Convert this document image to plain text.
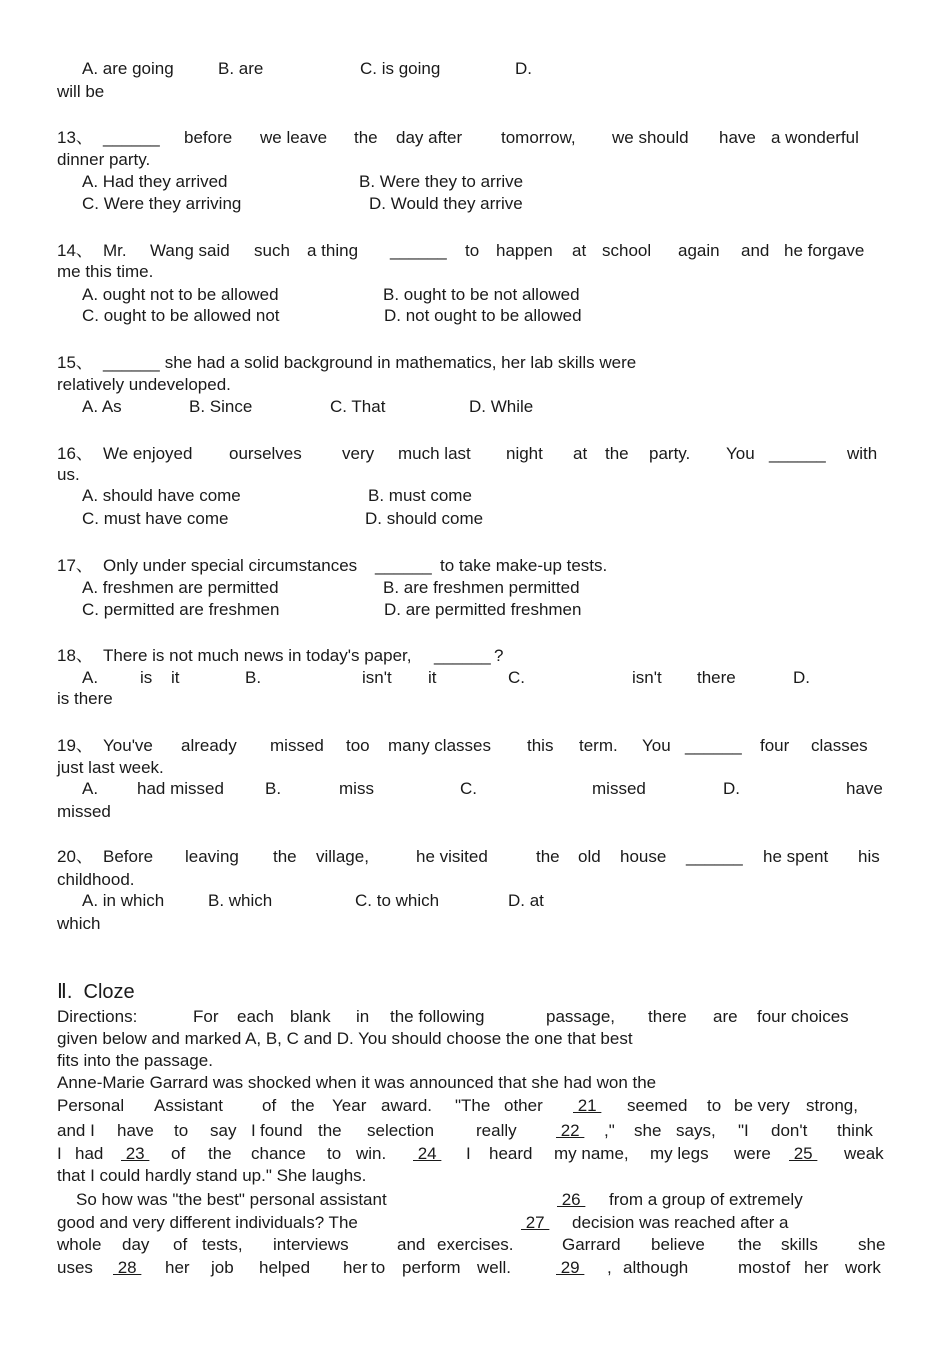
A. are going	B. are	C. is going	D.
will be
13、 ______ before we leave the day after tomorrow, we should have a wonderful
dinner party.
A. Had they arrived	B. Were they to arrive
C. Were they arriving	D. Would they arrive
14、 Mr. Wang said such a thing ______ to happen at school again and he forgave
me this time.
A. ought not to be allowed	B. ought to be not allowed
C. ought to be allowed not	D. not ought to be allowed
15、 ______ she had a solid background in mathematics, her lab skills were
relatively undeveloped.
A. As	B. Since	C. That	D. While
16、 We enjoyed ourselves very much last night at the party. You ______ with
us.
A. should have come	B. must come
C. must have come	D. should come
17、 Only under special circumstances ______ to take make-up tests.
A. freshmen are permitted	B. are freshmen permitted
C. permitted are freshmen	D. are permitted freshmen
18、 There is not much news in today's paper, ______ ?
A. is it	B.	isn't it	C.	isn't there	D.
is there
19、 You've already missed too many classes this term. You ______ four classes
just last week.
A. had missed B.	miss	C.	missed	D.	have
missed
20、 Before leaving the village,	he visited	the old house ______ he spent his
childhood.
A. in which	B. which	C. to which	D. at
which
Ⅱ.  Cloze
Directions:	For each blank in the following	passage, there are four choices
given below and marked A, B, C and D. You should choose the one that best
fits into the passage.
Anne-Marie Garrard was shocked when it was announced that she had won the
Personal Assistant of the Year award. "The other 21 seemed to be very strong,
and I have to say I found the selection really 22 ," she says, "I don't think
I had 23 of the chance to win. 24 I heard my name, my legs were 25 weak
that I could hardly stand up." She laughs.
So how was "the best" personal assistant	26 from a group of extremely
good and very different individuals? The	27 decision was reached after a
whole day of tests, interviews	and exercises.	Garrard believe the skills she
uses 28 her job helped her to perform well.	29 , although	most of her work
